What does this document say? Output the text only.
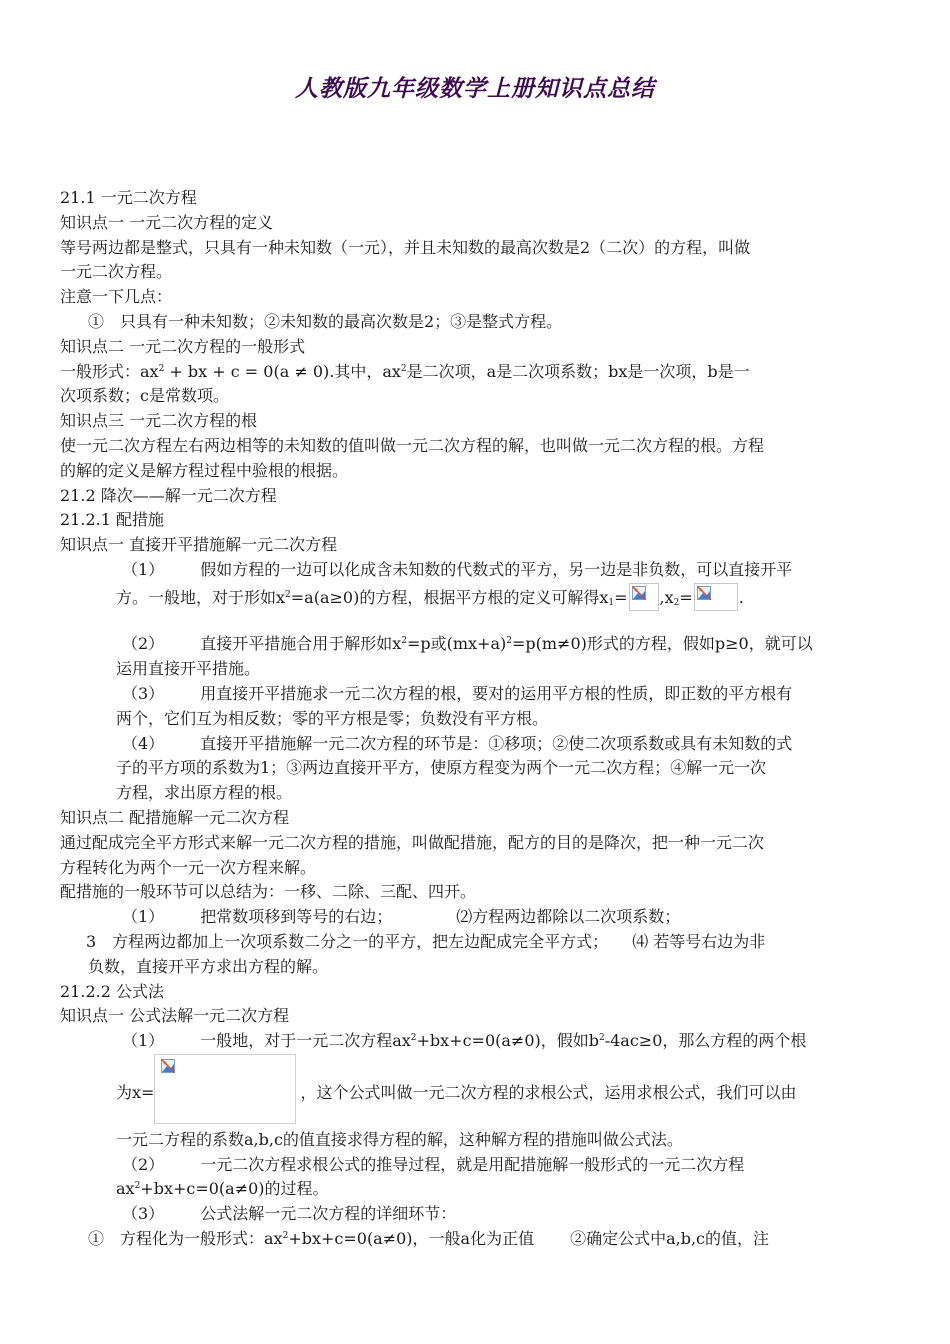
人教版九年级数学上册知识点总结
21.1 一元二次方程
知识点一 一元二次方程的定义
等号两边都是整式，只具有一种未知数（一元），并且未知数的最高次数是2（二次）的方程，叫做
一元二次方程。
注意一下几点：
①　只具有一种未知数；②未知数的最高次数是2；③是整式方程。
知识点二 一元二次方程的一般形式
一般形式：$ax^2$ + bx + c = 0(a ≠ 0).其中，$ax^2$是二次项，a是二次项系数；bx是一次项，b是一
次项系数；c是常数项。
知识点三 一元二次方程的根
使一元二次方程左右两边相等的未知数的值叫做一元二次方程的解，也叫做一元二次方程的根。方程
的解的定义是解方程过程中验根的根据。
21.2 降次——解一元二次方程
21.2.1 配措施
知识点一 直接开平措施解一元二次方程
（1） 假如方程的一边可以化成含未知数的代数式的平方，另一边是非负数，可以直接开平
方。一般地，对于形如$x^2=a(a\ge 0)$的方程，根据平方根的定义可解得$x_1= ,x_2=$	.
（2） 直接开平措施合用于解形如$x^2=p$或$(mx+a)^2=p(m\ne 0)$形式的方程，假如p≥0，就可以
运用直接开平措施。
（3） 用直接开平措施求一元二次方程的根，要对的运用平方根的性质，即正数的平方根有
两个，它们互为相反数；零的平方根是零；负数没有平方根。
（4） 直接开平措施解一元二次方程的环节是：①移项；②使二次项系数或具有未知数的式
子的平方项的系数为1；③两边直接开平方，使原方程变为两个一元二次方程；④解一元一次
方程，求出原方程的根。
知识点二 配措施解一元二次方程
通过配成完全平方形式来解一元二次方程的措施，叫做配措施，配方的目的是降次，把一种一元二次
方程转化为两个一元一次方程来解。
配措施的一般环节可以总结为：一移、二除、三配、四开。
（1） 把常数项移到等号的右边；	⑵方程两边都除以二次项系数；
3　方程两边都加上一次项系数二分之一的平方，把左边配成完全平方式； ⑷ 若等号右边为非
负数，直接开平方求出方程的解。
21.2.2 公式法
知识点一 公式法解一元二次方程
（1） 一般地，对于一元二次方程$ax^2+bx+c=0(a\ne 0)$，假如$b^2-4ac\ge 0$，那么方程的两个根
为x=	，这个公式叫做一元二次方程的求根公式，运用求根公式，我们可以由
一元二方程的系数a,b,c的值直接求得方程的解，这种解方程的措施叫做公式法。
（2） 一元二次方程求根公式的推导过程，就是用配措施解一般形式的一元二次方程
$ax^2+bx+c=0(a\ne 0)$的过程。
（3） 公式法解一元二次方程的详细环节：
①　方程化为一般形式：$ax^2+bx+c=0(a\ne 0)$，一般a化为正值 ②确定公式中a,b,c的值，注
